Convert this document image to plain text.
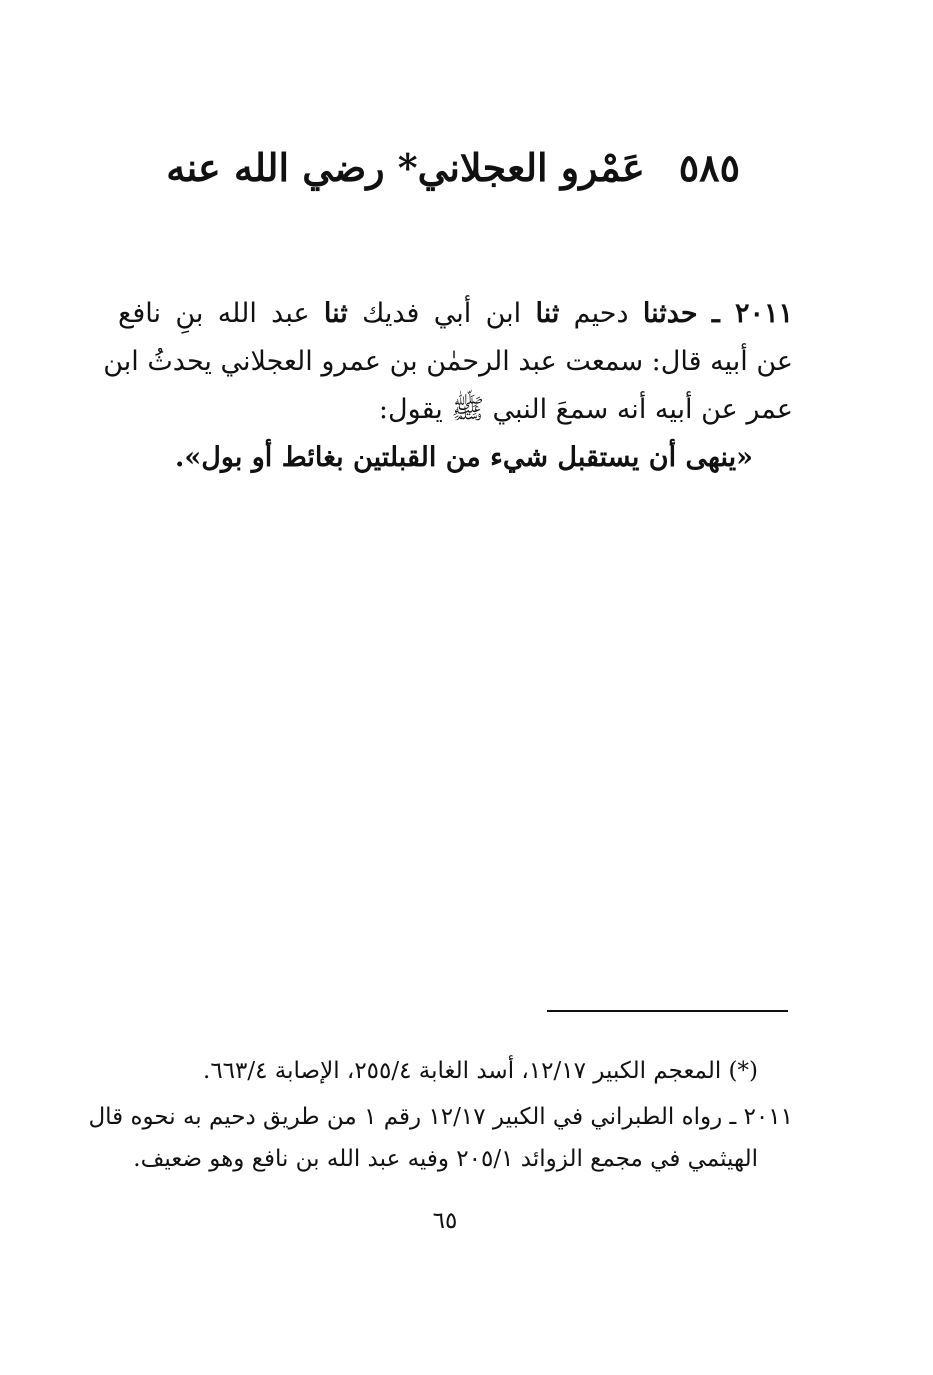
٥٨٥عَمْرو العجلاني* رضي الله عنه
٢٠١١ ـ حدثنا دحيم ثنا ابن أبي فديك ثنا عبد الله بنِ نافع
عن أبيه قال: سمعت عبد الرحمٰن بن عمرو العجلاني يحدثُ ابن
عمر عن أبيه أنه سمعَ النبي ﷺ يقول:
«ينهى أن يستقبل شيء من القبلتين بغائط أو بول».
(*) المعجم الكبير ١٢/١٧، أسد الغابة ٢٥٥/٤، الإصابة ٦٦٣/٤.
٢٠١١ ـ رواه الطبراني في الكبير ١٢/١٧ رقم ١ من طريق دحيم به نحوه قال
الهيثمي في مجمع الزوائد ٢٠٥/١ وفيه عبد الله بن نافع وهو ضعيف.
٦٥
